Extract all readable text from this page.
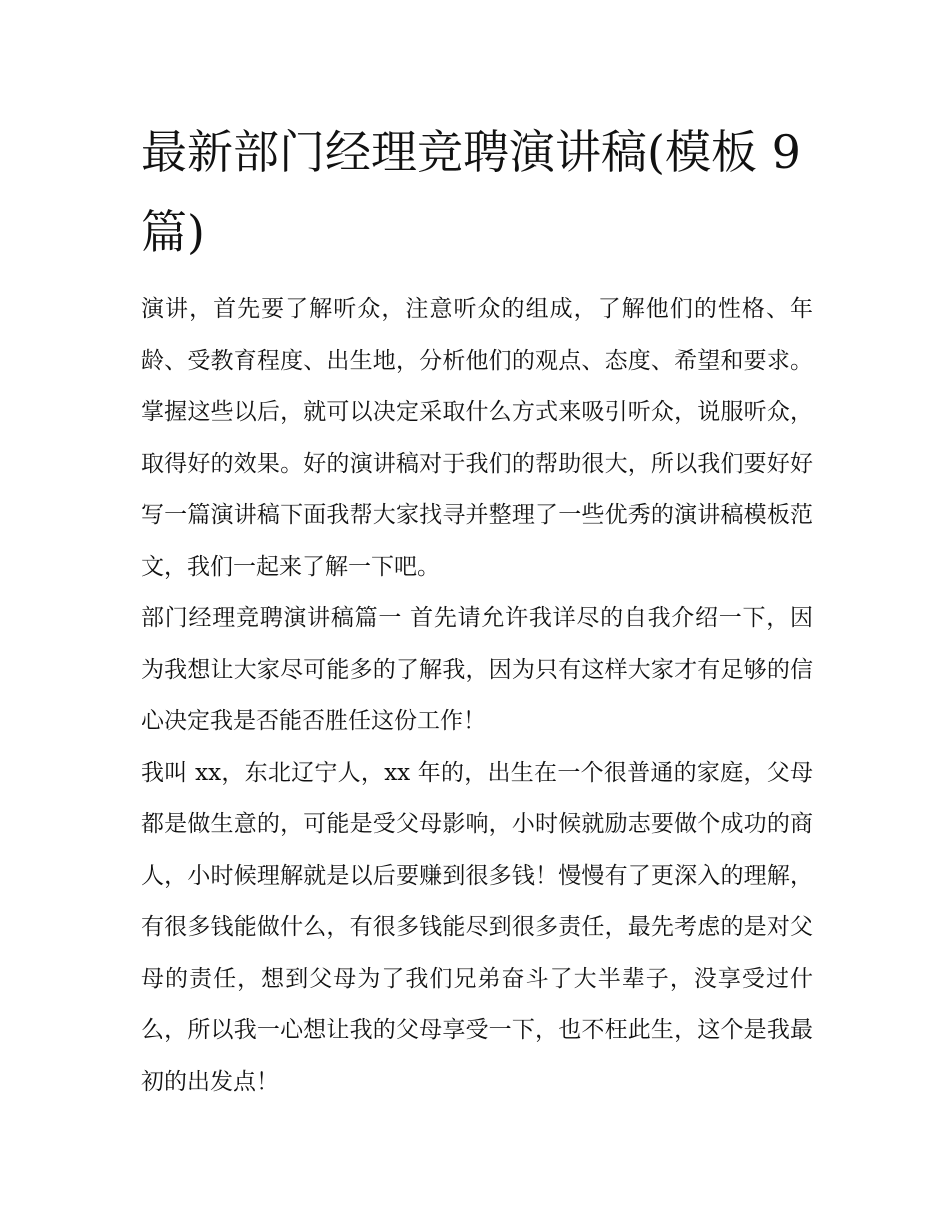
最新部门经理竞聘演讲稿(模板 9 篇)

演讲，首先要了解听众，注意听众的组成，了解他们的性格、年龄、受教育程度、出生地，分析他们的观点、态度、希望和要求。掌握这些以后，就可以决定采取什么方式来吸引听众，说服听众，取得好的效果。好的演讲稿对于我们的帮助很大，所以我们要好好写一篇演讲稿下面我帮大家找寻并整理了一些优秀的演讲稿模板范文，我们一起来了解一下吧。

部门经理竞聘演讲稿篇一 首先请允许我详尽的自我介绍一下，因为我想让大家尽可能多的了解我，因为只有这样大家才有足够的信心决定我是否能否胜任这份工作！

我叫 xx，东北辽宁人，xx 年的，出生在一个很普通的家庭，父母都是做生意的，可能是受父母影响，小时候就励志要做个成功的商人，小时候理解就是以后要赚到很多钱！慢慢有了更深入的理解，有很多钱能做什么，有很多钱能尽到很多责任，最先考虑的是对父母的责任，想到父母为了我们兄弟奋斗了大半辈子，没享受过什么，所以我一心想让我的父母享受一下，也不枉此生，这个是我最初的出发点！
